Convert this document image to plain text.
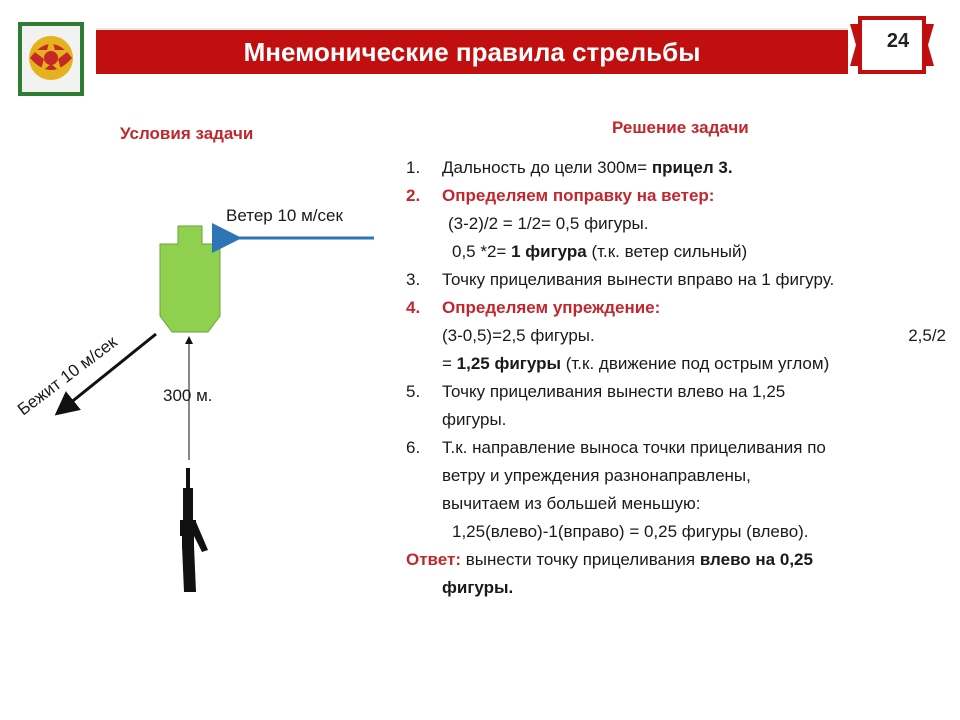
Мнемонические правила стрельбы	24
Условия задачи	Решение задачи
Ветер 10 м/сек
300 м.
Бежит 10 м/сек
1. Дальность до цели 300м= прицел 3.
2. Определяем поправку на ветер:
(3-2)/2 = 1/2= 0,5 фигуры.
0,5 *2= 1 фигура (т.к. ветер сильный)
3. Точку прицеливания вынести вправо на 1 фигуру.
4. Определяем упреждение:
(3-0,5)=2,5 фигуры.	2,5/2
= 1,25 фигуры (т.к. движение под острым углом)
5. Точку прицеливания вынести влево на 1,25
фигуры.
6. Т.к. направление выноса точки прицеливания по
ветру и упреждения разнонаправлены,
вычитаем из большей меньшую:
1,25(влево)-1(вправо) = 0,25 фигуры (влево).
Ответ: вынести точку прицеливания влево на 0,25
фигуры.
